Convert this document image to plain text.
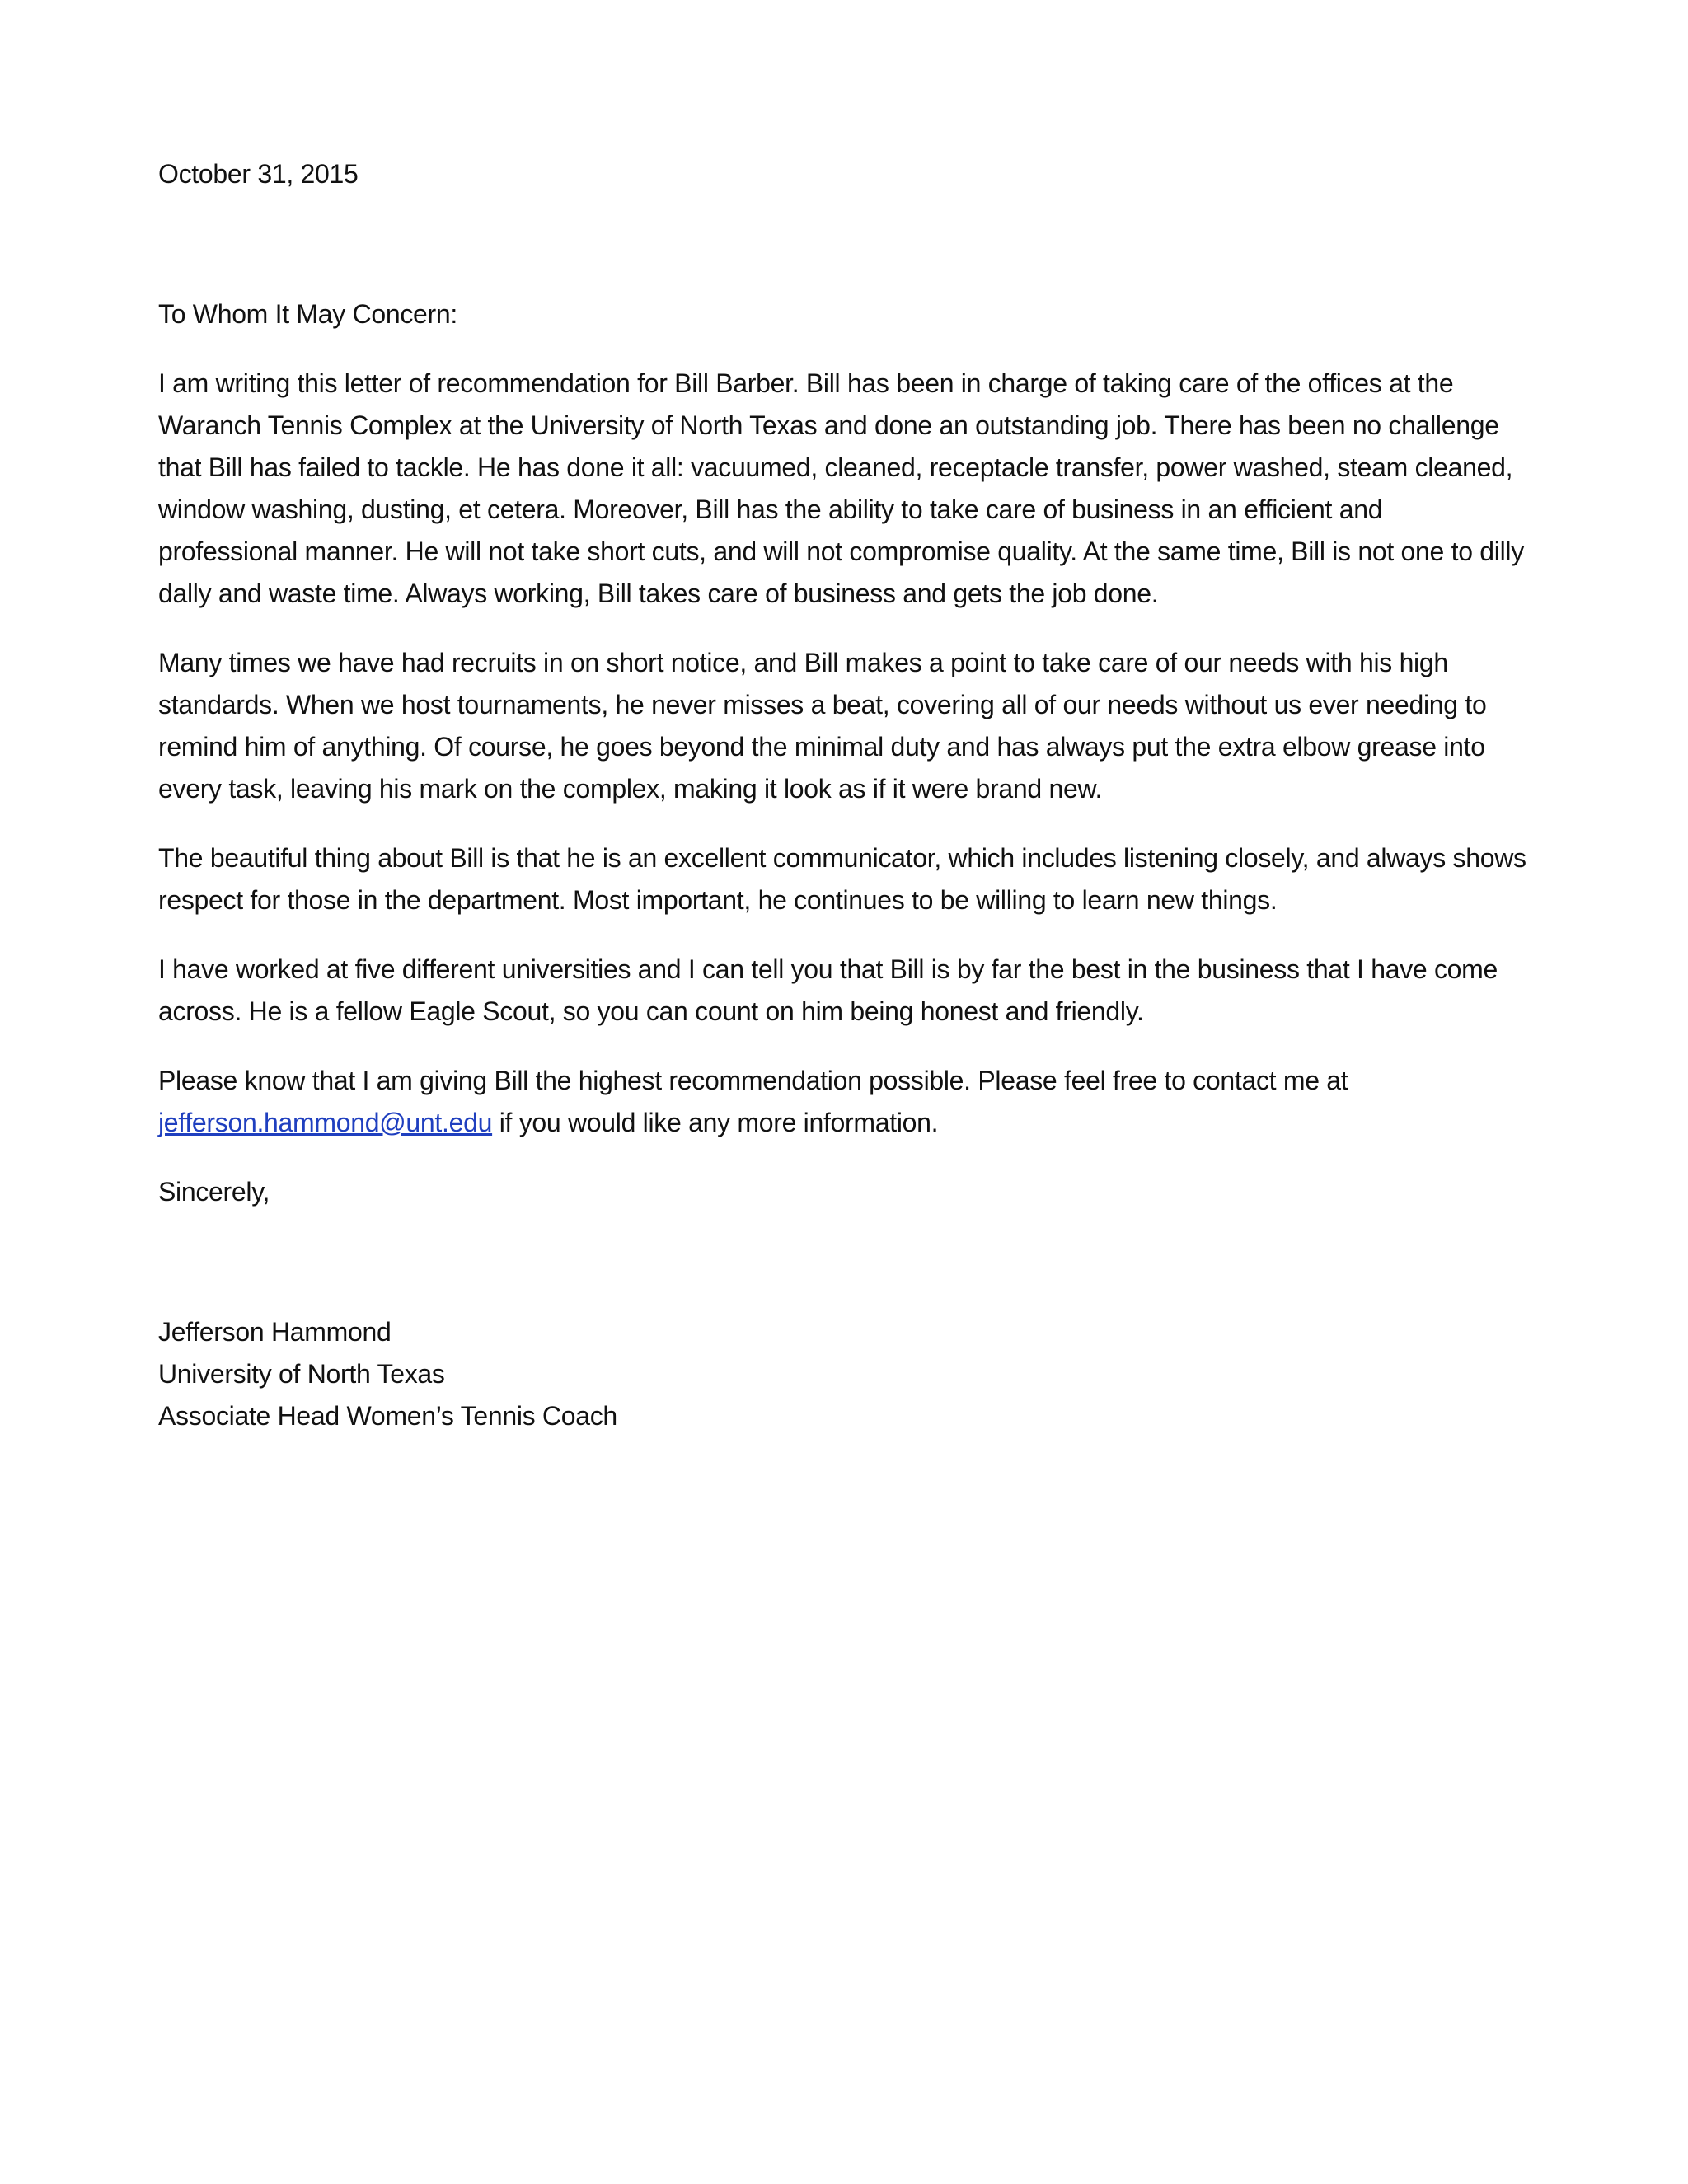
October 31, 2015

To Whom It May Concern:

I am writing this letter of recommendation for Bill Barber. Bill has been in charge of taking care of the offices at the Waranch Tennis Complex at the University of North Texas and done an outstanding job. There has been no challenge that Bill has failed to tackle. He has done it all: vacuumed, cleaned, receptacle transfer, power washed, steam cleaned, window washing, dusting, et cetera. Moreover, Bill has the ability to take care of business in an efficient and professional manner. He will not take short cuts, and will not compromise quality. At the same time, Bill is not one to dilly dally and waste time. Always working, Bill takes care of business and gets the job done.

Many times we have had recruits in on short notice, and Bill makes a point to take care of our needs with his high standards. When we host tournaments, he never misses a beat, covering all of our needs without us ever needing to remind him of anything. Of course, he goes beyond the minimal duty and has always put the extra elbow grease into every task, leaving his mark on the complex, making it look as if it were brand new.

The beautiful thing about Bill is that he is an excellent communicator, which includes listening closely, and always shows respect for those in the department. Most important, he continues to be willing to learn new things.

I have worked at five different universities and I can tell you that Bill is by far the best in the business that I have come across. He is a fellow Eagle Scout, so you can count on him being honest and friendly.

Please know that I am giving Bill the highest recommendation possible. Please feel free to contact me at
jefferson.hammond@unt.edu if you would like any more information.

Sincerely,

Jefferson Hammond
University of North Texas
Associate Head Women’s Tennis Coach
